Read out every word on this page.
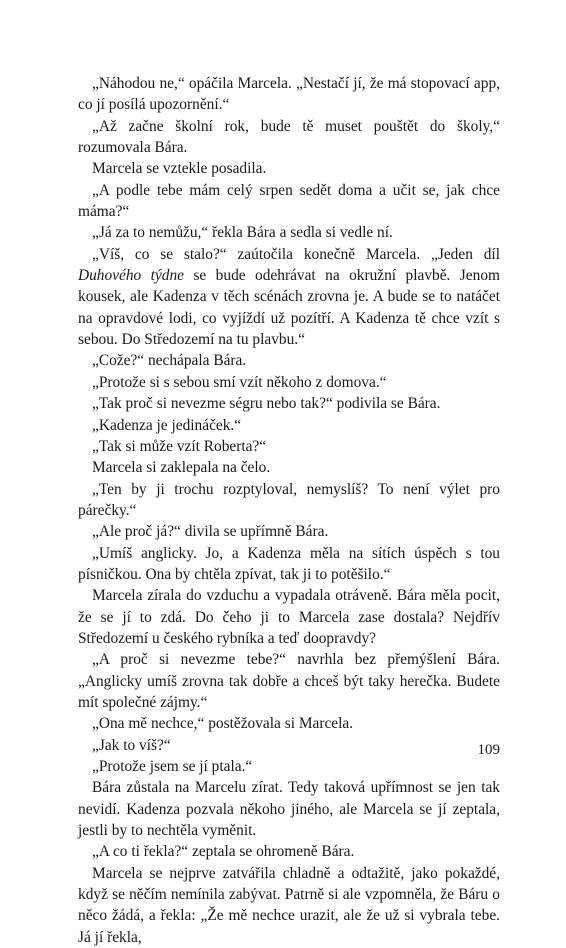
„Náhodou ne,“ opáčila Marcela. „Nestačí jí, že má stopovací app, co jí posílá upozornění.“

„Až začne školní rok, bude tě muset pouštět do školy,“ rozumovala Bára.

Marcela se vztekle posadila.

„A podle tebe mám celý srpen sedět doma a učit se, jak chce máma?“

„Já za to nemůžu,“ řekla Bára a sedla si vedle ní.

„Víš, co se stalo?“ zaútočila konečně Marcela. „Jeden díl Duhového týdne se bude odehrávat na okružní plavbě. Jenom kousek, ale Kadenza v těch scénách zrovna je. A bude se to natáčet na opravdové lodi, co vyjíždí už pozítří. A Kadenza tě chce vzít s sebou. Do Středozemí na tu plavbu.“

„Cože?“ nechápala Bára.

„Protože si s sebou smí vzít někoho z domova.“

„Tak proč si nevezme ségru nebo tak?“ podivila se Bára.

„Kadenza je jedináček.“

„Tak si může vzít Roberta?“

Marcela si zaklepala na čelo.

„Ten by ji trochu rozptyloval, nemyslíš? To není výlet pro párečky.“

„Ale proč já?“ divila se upřímně Bára.

„Umíš anglicky. Jo, a Kadenza měla na sítích úspěch s tou písničkou. Ona by chtěla zpívat, tak ji to potěšilo.“

Marcela zírala do vzduchu a vypadala otráveně. Bára měla pocit, že se jí to zdá. Do čeho ji to Marcela zase dostala? Nejdřív Středozemí u českého rybníka a teď doopravdy?

„A proč si nevezme tebe?“ navrhla bez přemýšlení Bára. „Anglicky umíš zrovna tak dobře a chceš být taky herečka. Budete mít společné zájmy.“

„Ona mě nechce,“ postěžovala si Marcela.

„Jak to víš?“

„Protože jsem se jí ptala.“

Bára zůstala na Marcelu zírat. Tedy taková upřímnost se jen tak nevidí. Kadenza pozvala někoho jiného, ale Marcela se jí zeptala, jestli by to nechtěla vyměnit.

„A co ti řekla?“ zeptala se ohromeně Bára.

Marcela se nejprve zatvářila chladně a odtažitě, jako pokaždé, když se něčím nemínila zabývat. Patrně si ale vzpomněla, že Báru o něco žádá, a řekla: „Že mě nechce urazit, ale že už si vybrala tebe. Já jí řekla,

109
